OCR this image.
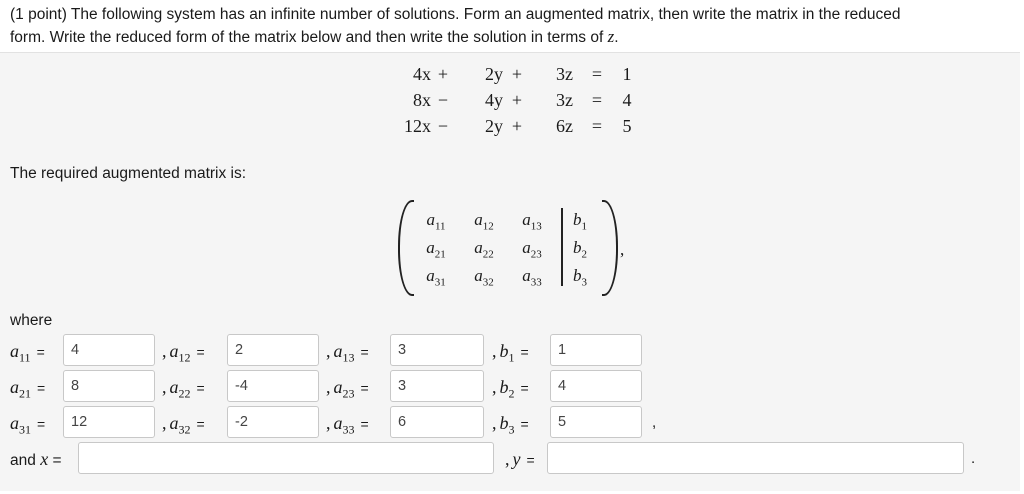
(1 point) The following system has an infinite number of solutions. Form an augmented matrix, then write the matrix in the reduced
form. Write the reduced form of the matrix below and then write the solution in terms of z.
4x +	2y +	3z = 1
8x −	4y +	3z = 4
12x −	2y +	6z = 5
The required augmented matrix is:
$a_{11}$	$a_{12}$	$a_{13}$	$b_1$
$a_{21}$	$a_{22}$	$a_{23}$	$b_2$
$a_{31}$	$a_{32}$	$a_{33}$	$b_3$
,
where
$a_{11}$ =
4	, $a_{12}$ =
2	, $a_{13}$ =
3	, $b_1$ =
1
$a_{21}$ =
8	, $a_{22}$ =
-4	, $a_{23}$ =
3	, $b_2$ =
4
$a_{31}$ =
12	, $a_{32}$ =
-2	, $a_{33}$ =
6	, $b_3$ =
5	,
and x =	, y =	.
